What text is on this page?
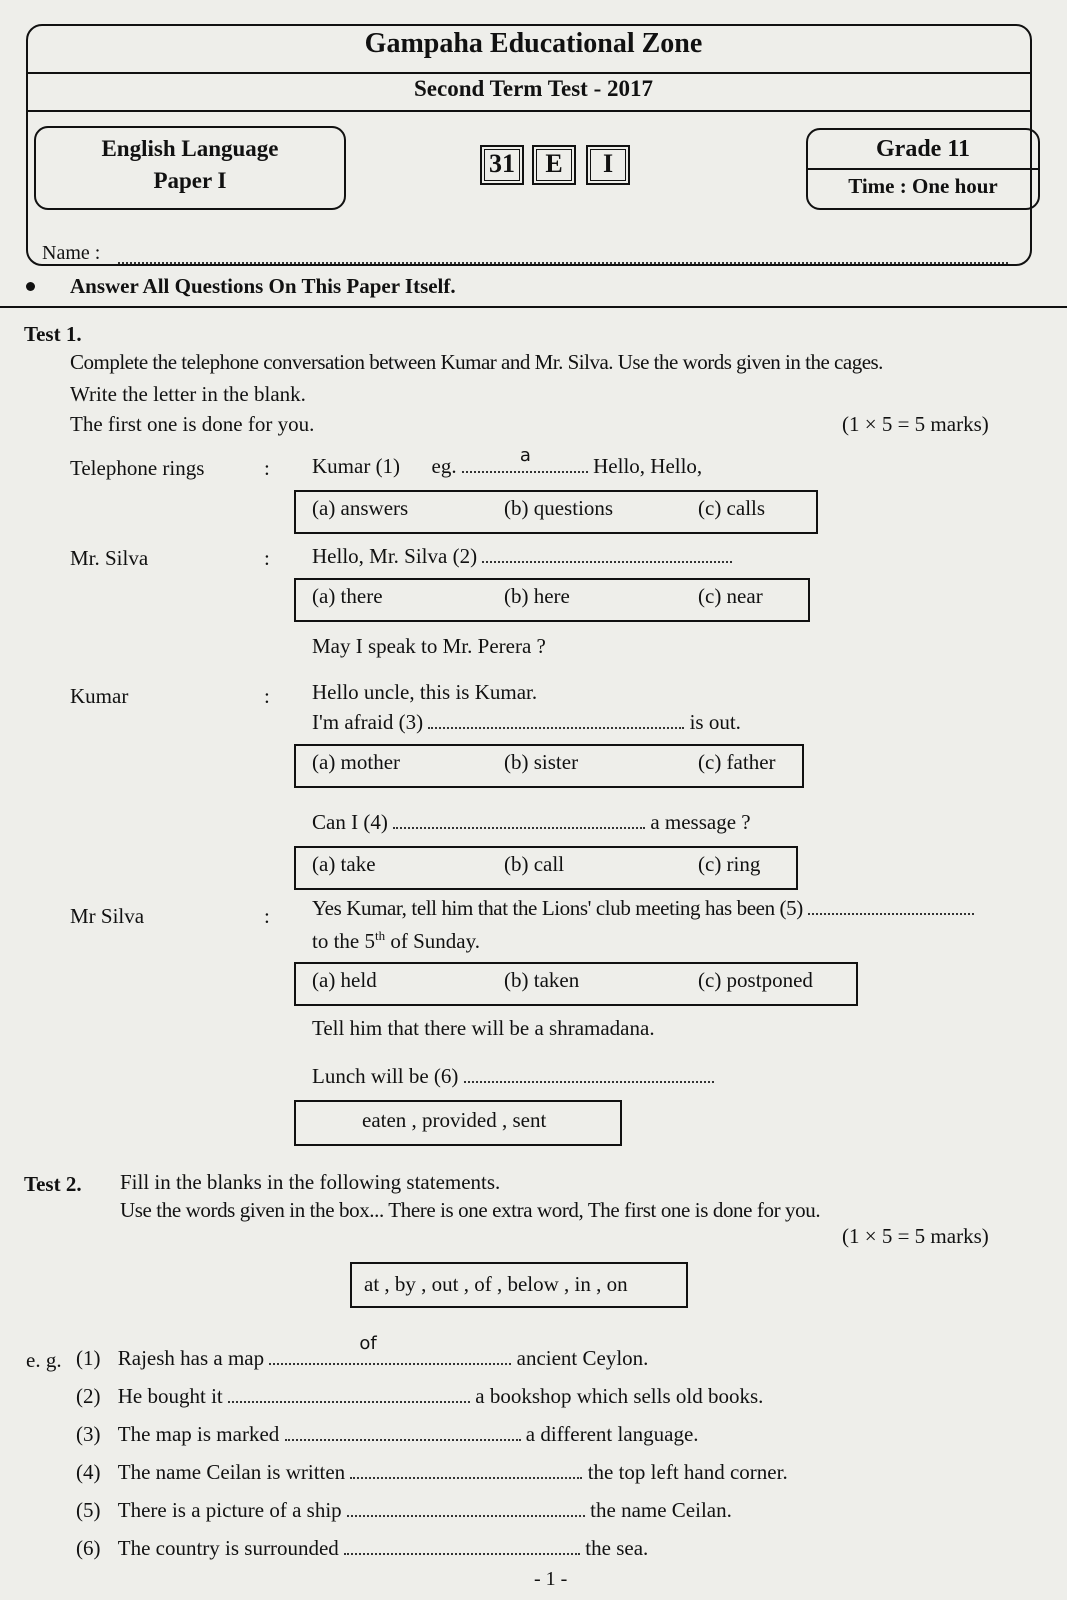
Gampaha Educational Zone
Second Term Test - 2017
English Language
Paper I
31	E	I	Grade 11
Time : One hour
Name :
Answer All Questions On This Paper Itself.
Test 1.
Complete the telephone conversation between Kumar and Mr. Silva. Use the words given in the cages.
Write the letter in the blank.
The first one is done for you.	(1 × 5 = 5 marks)
Telephone rings	: Kumar (1)      eg.	a	Hello, Hello,
(a) answers	(b) questions	(c) calls
Mr. Silva	: Hello, Mr. Silva (2)
(a) there	(b) here	(c) near
May I speak to Mr. Perera ?
Kumar	: Hello uncle, this is Kumar.
I'm afraid (3)	is out.
(a) mother	(b) sister	(c) father
Can I (4)	a message ?
(a) take	(b) call	(c) ring
Mr Silva	: Yes Kumar, tell him that the Lions' club meeting has been (5)
to the 5th of Sunday.
(a) held	(b) taken	(c) postponed
Tell him that there will be a shramadana.
Lunch will be (6)
eaten , provided , sent
Test 2. Fill in the blanks in the following statements.
Use the words given in the box... There is one extra word, The first one is done for you.
(1 × 5 = 5 marks)
at , by , out , of , below , in , on
e. g. (1) Rajesh has a map
of
ancient Ceylon.
(2) He bought it	a bookshop which sells old books.
(3) The map is marked	a different language.
(4) The name Ceilan is written	the top left hand corner.
(5) There is a picture of a ship	the name Ceilan.
(6) The country is surrounded	the sea.
- 1 -
